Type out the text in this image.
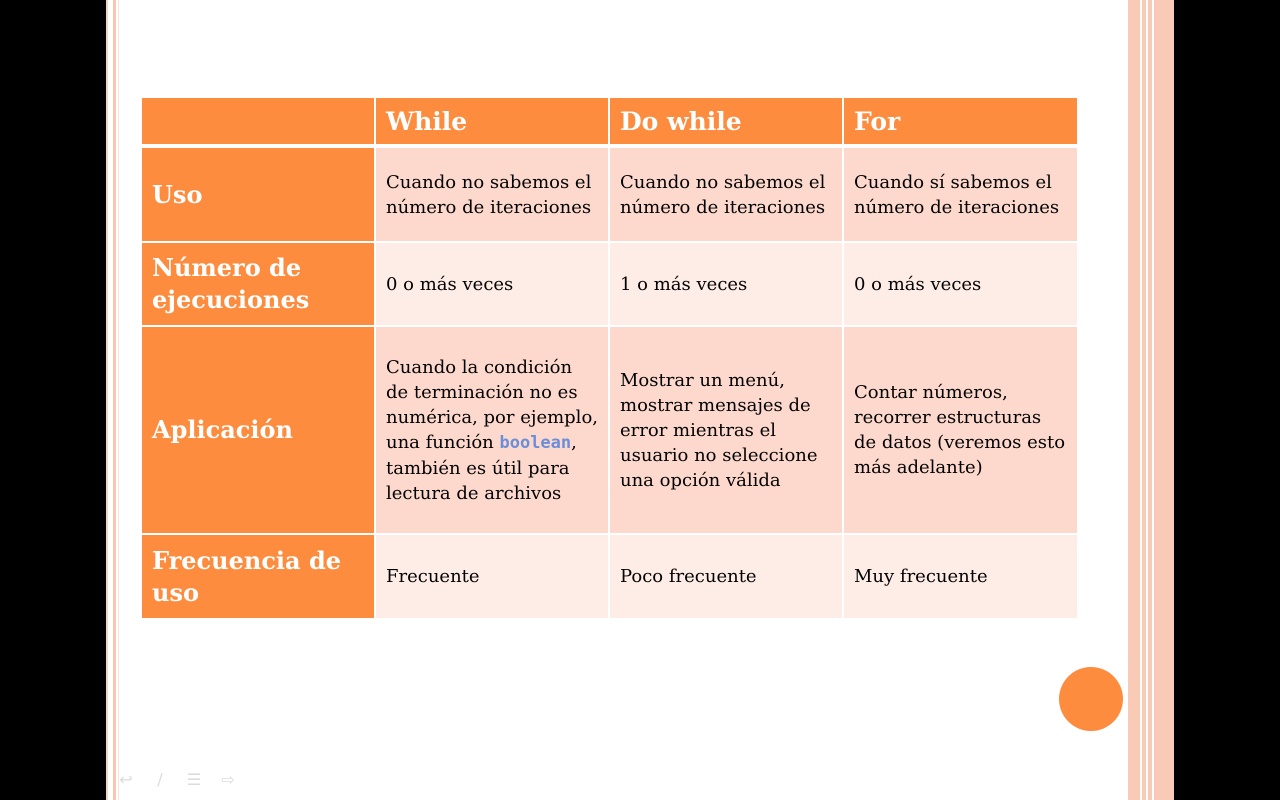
	While	Do while	For
Uso	Cuando no sabemos el número de iteraciones	Cuando no sabemos el número de iteraciones	Cuando sí sabemos el número de iteraciones
Número de ejecuciones	0 o más veces	1 o más veces	0 o más veces
Aplicación	Cuando la condición de terminación no es numérica, por ejemplo, una función boolean, también es útil para lectura de archivos	Mostrar un menú, mostrar mensajes de error mientras el usuario no seleccione una opción válida	Contar números, recorrer estructuras de datos (veremos esto más adelante)
Frecuencia de uso	Frecuente	Poco frecuente	Muy frecuente
↩	∕	☰ ⇨
